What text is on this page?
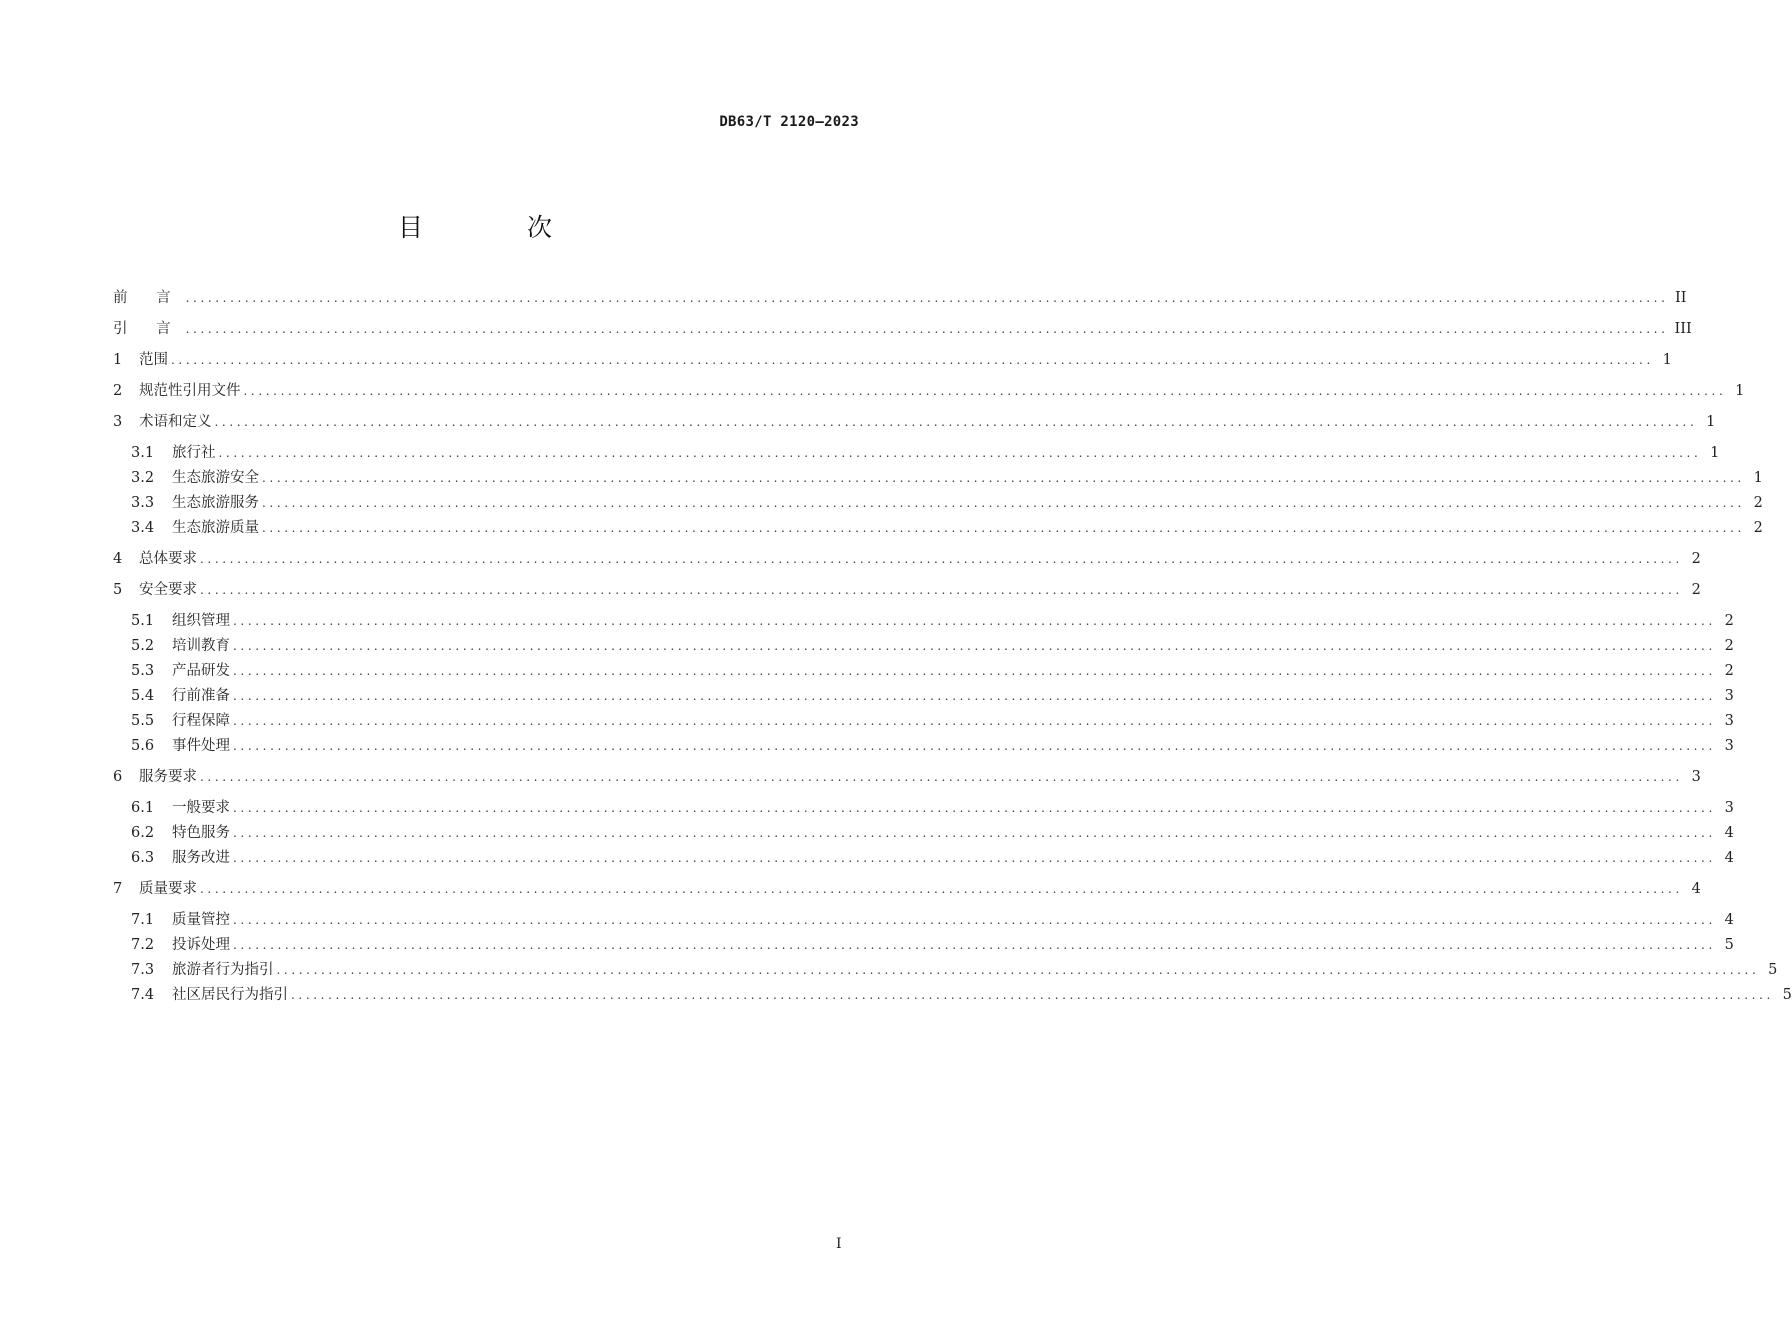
DB63/T 2120—2023
目 次
前 言 ........................................................................................................................................................................................................ II
引 言 ........................................................................................................................................................................................................ III
1	范围 ........................................................................................................................................................................................................ 1
2	规范性引用文件 ........................................................................................................................................................................................................ 1
3	术语和定义 ........................................................................................................................................................................................................ 1
3.1	旅行社 ........................................................................................................................................................................................................ 1
3.2	生态旅游安全 ........................................................................................................................................................................................................ 1
3.3	生态旅游服务 ........................................................................................................................................................................................................ 2
3.4	生态旅游质量 ........................................................................................................................................................................................................ 2
4	总体要求 ........................................................................................................................................................................................................ 2
5	安全要求 ........................................................................................................................................................................................................ 2
5.1	组织管理 ........................................................................................................................................................................................................ 2
5.2	培训教育 ........................................................................................................................................................................................................ 2
5.3	产品研发 ........................................................................................................................................................................................................ 2
5.4	行前准备 ........................................................................................................................................................................................................ 3
5.5	行程保障 ........................................................................................................................................................................................................ 3
5.6	事件处理 ........................................................................................................................................................................................................ 3
6	服务要求 ........................................................................................................................................................................................................ 3
6.1	一般要求 ........................................................................................................................................................................................................ 3
6.2	特色服务 ........................................................................................................................................................................................................ 4
6.3	服务改进 ........................................................................................................................................................................................................ 4
7	质量要求 ........................................................................................................................................................................................................ 4
7.1	质量管控 ........................................................................................................................................................................................................ 4
7.2	投诉处理 ........................................................................................................................................................................................................ 5
7.3	旅游者行为指引 ........................................................................................................................................................................................................ 5
7.4	社区居民行为指引 ........................................................................................................................................................................................................ 5
I
